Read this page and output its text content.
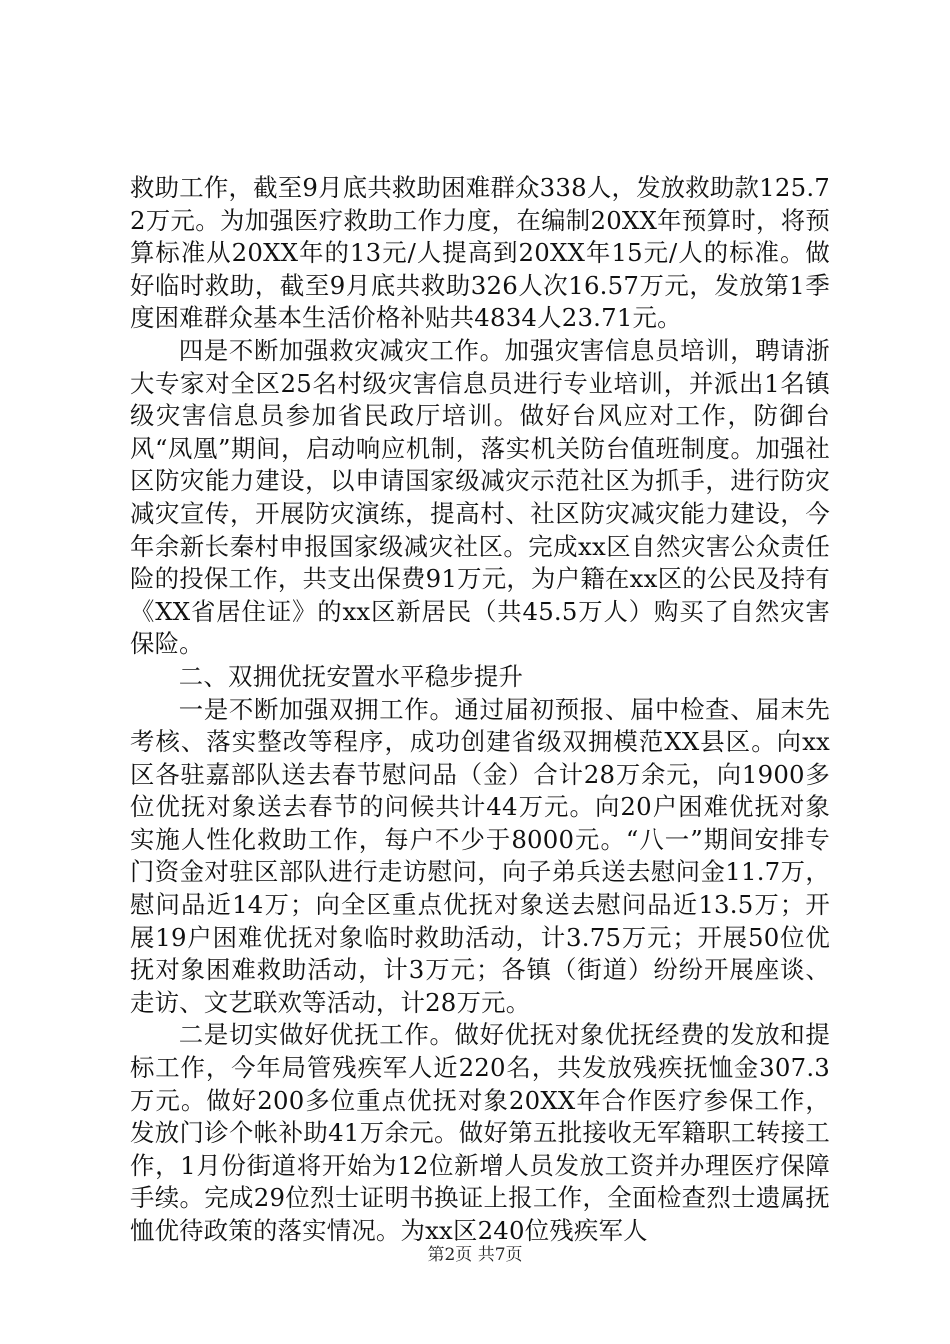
救助工作，截至9月底共救助困难群众338人，发放救助款125.72万元。为加强医疗救助工作力度，在编制20XX年预算时，将预算标准从20XX年的13元/人提高到20XX年15元/人的标准。做好临时救助，截至9月底共救助326人次16.57万元，发放第1季度困难群众基本生活价格补贴共4834人23.71元。

四是不断加强救灾减灾工作。加强灾害信息员培训，聘请浙大专家对全区25名村级灾害信息员进行专业培训，并派出1名镇级灾害信息员参加省民政厅培训。做好台风应对工作，防御台风“凤凰”期间，启动响应机制，落实机关防台值班制度。加强社区防灾能力建设，以申请国家级减灾示范社区为抓手，进行防灾减灾宣传，开展防灾演练，提高村、社区防灾减灾能力建设，今年余新长秦村申报国家级减灾社区。完成xx区自然灾害公众责任险的投保工作，共支出保费91万元，为户籍在xx区的公民及持有《XX省居住证》的xx区新居民（共45.5万人）购买了自然灾害保险。

二、双拥优抚安置水平稳步提升

一是不断加强双拥工作。通过届初预报、届中检查、届末先考核、落实整改等程序，成功创建省级双拥模范XX县区。向xx区各驻嘉部队送去春节慰问品（金）合计28万余元，向1900多位优抚对象送去春节的问候共计44万元。向20户困难优抚对象实施人性化救助工作，每户不少于8000元。“八一”期间安排专门资金对驻区部队进行走访慰问，向子弟兵送去慰问金11.7万，慰问品近14万；向全区重点优抚对象送去慰问品近13.5万；开展19户困难优抚对象临时救助活动，计3.75万元；开展50位优抚对象困难救助活动，计3万元；各镇（街道）纷纷开展座谈、走访、文艺联欢等活动，计28万元。

二是切实做好优抚工作。做好优抚对象优抚经费的发放和提标工作，今年局管残疾军人近220名，共发放残疾抚恤金307.3万元。做好200多位重点优抚对象20XX年合作医疗参保工作，发放门诊个帐补助41万余元。做好第五批接收无军籍职工转接工作，1月份街道将开始为12位新增人员发放工资并办理医疗保障手续。完成29位烈士证明书换证上报工作，全面检查烈士遗属抚恤优待政策的落实情况。为xx区240位残疾军人

第2页 共7页
